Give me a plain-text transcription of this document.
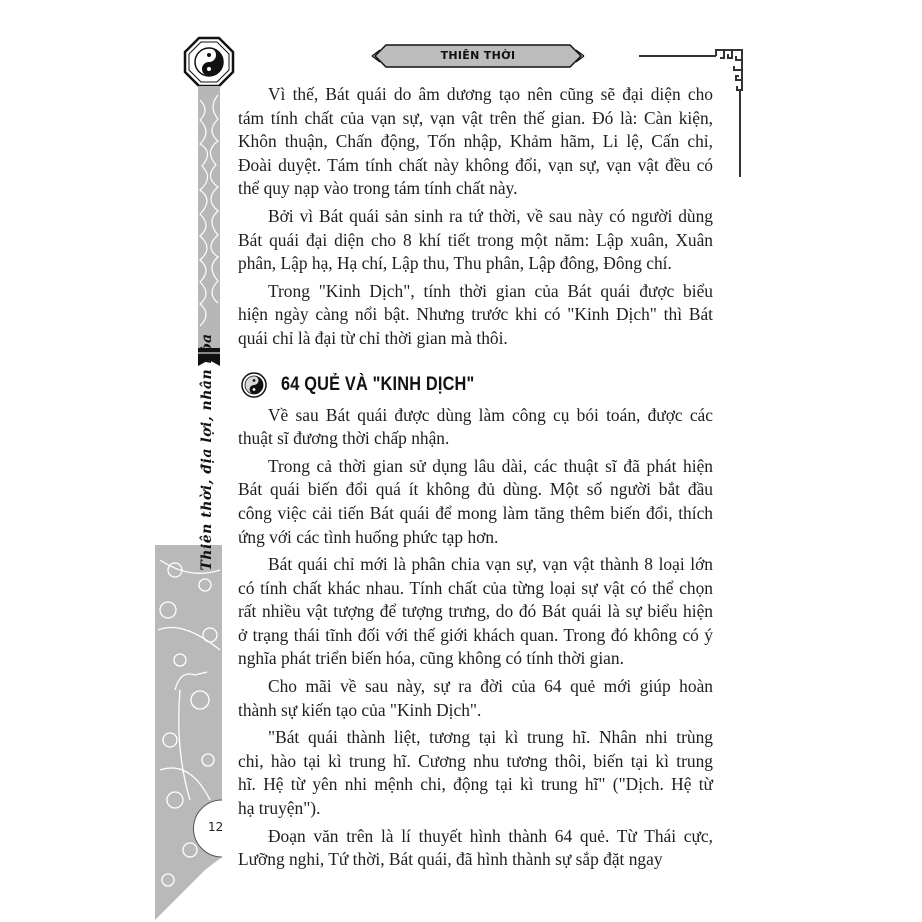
THIÊN THỜI
Thiên thời, địa lợi, nhân hòa
12
Vì thế, Bát quái do âm dương tạo nên cũng sẽ đại diện cho
tám tính chất của vạn sự, vạn vật trên thế gian. Đó là: Càn kiện,
Khôn thuận, Chấn động, Tốn nhập, Khảm hãm, Li lệ, Cấn chỉ,
Đoài duyệt. Tám tính chất này không đổi, vạn sự, vạn vật đều có
thể quy nạp vào trong tám tính chất này.
Bởi vì Bát quái sản sinh ra tứ thời, về sau này có người dùng
Bát quái đại diện cho 8 khí tiết trong một năm: Lập xuân, Xuân
phân, Lập hạ, Hạ chí, Lập thu, Thu phân, Lập đông, Đông chí.
Trong "Kinh Dịch", tính thời gian của Bát quái được biểu
hiện ngày càng nổi bật. Nhưng trước khi có "Kinh Dịch" thì Bát
quái chỉ là đại từ chỉ thời gian mà thôi.
64 QUẺ VÀ "KINH DỊCH"
Về sau Bát quái được dùng làm công cụ bói toán, được các
thuật sĩ đương thời chấp nhận.
Trong cả thời gian sử dụng lâu dài, các thuật sĩ đã phát hiện
Bát quái biến đổi quá ít không đủ dùng. Một số người bắt đầu
công việc cải tiến Bát quái để mong làm tăng thêm biến đổi, thích
ứng với các tình huống phức tạp hơn.
Bát quái chỉ mới là phân chia vạn sự, vạn vật thành 8 loại lớn
có tính chất khác nhau. Tính chất của từng loại sự vật có thể chọn
rất nhiều vật tượng để tượng trưng, do đó Bát quái là sự biểu hiện
ở trạng thái tĩnh đối với thế giới khách quan. Trong đó không có ý
nghĩa phát triển biến hóa, cũng không có tính thời gian.
Cho mãi về sau này, sự ra đời của 64 quẻ mới giúp hoàn
thành sự kiến tạo của "Kinh Dịch".
"Bát quái thành liệt, tương tại kì trung hĩ. Nhân nhi trùng
chi, hào tại kì trung hĩ. Cương nhu tương thôi, biến tại kì trung
hĩ. Hệ từ yên nhi mệnh chi, động tại kì trung hĩ" ("Dịch. Hệ từ
hạ truyện").
Đoạn văn trên là lí thuyết hình thành 64 quẻ. Từ Thái cực,
Lưỡng nghi, Tứ thời, Bát quái, đã hình thành sự sắp đặt ngay
